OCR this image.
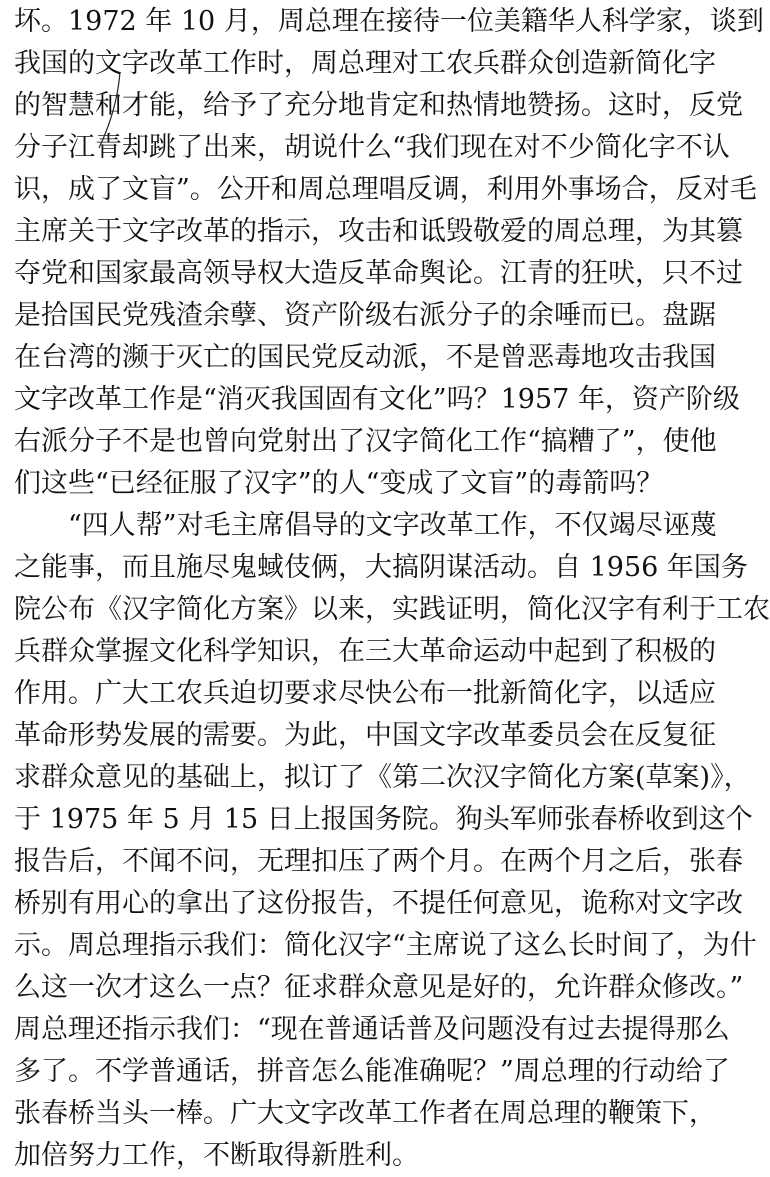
坏。1972 年 10 月，周总理在接待一位美籍华人科学家，谈到
我国的文字改革工作时，周总理对工农兵群众创造新简化字
的智慧和才能，给予了充分地肯定和热情地赞扬。这时，反党
分子江青却跳了出来，胡说什么“我们现在对不少简化字不认
识，成了文盲”。公开和周总理唱反调，利用外事场合，反对毛
主席关于文字改革的指示，攻击和诋毁敬爱的周总理，为其篡
夺党和国家最高领导权大造反革命舆论。江青的狂吠，只不过
是拾国民党残渣余孽、资产阶级右派分子的余唾而已。盘踞
在台湾的濒于灭亡的国民党反动派，不是曾恶毒地攻击我国
文字改革工作是“消灭我国固有文化”吗？1957 年，资产阶级
右派分子不是也曾向党射出了汉字简化工作“搞糟了”，使他
们这些“已经征服了汉字”的人“变成了文盲”的毒箭吗？
“四人帮”对毛主席倡导的文字改革工作，不仅竭尽诬蔑
之能事，而且施尽鬼蜮伎俩，大搞阴谋活动。自 1956 年国务
院公布《汉字简化方案》以来，实践证明，简化汉字有利于工农
兵群众掌握文化科学知识，在三大革命运动中起到了积极的
作用。广大工农兵迫切要求尽快公布一批新简化字，以适应
革命形势发展的需要。为此，中国文字改革委员会在反复征
求群众意见的基础上，拟订了《第二次汉字简化方案(草案)》，
于 1975 年 5 月 15 日上报国务院。狗头军师张春桥收到这个
报告后，不闻不问，无理扣压了两个月。在两个月之后，张春
桥别有用心的拿出了这份报告，不提任何意见，诡称对文字改
示。周总理指示我们：简化汉字“主席说了这么长时间了，为什
么这一次才这么一点？征求群众意见是好的，允许群众修改。”
周总理还指示我们：“现在普通话普及问题没有过去提得那么
多了。不学普通话，拼音怎么能准确呢？”周总理的行动给了
张春桥当头一棒。广大文字改革工作者在周总理的鞭策下，
加倍努力工作，不断取得新胜利。
